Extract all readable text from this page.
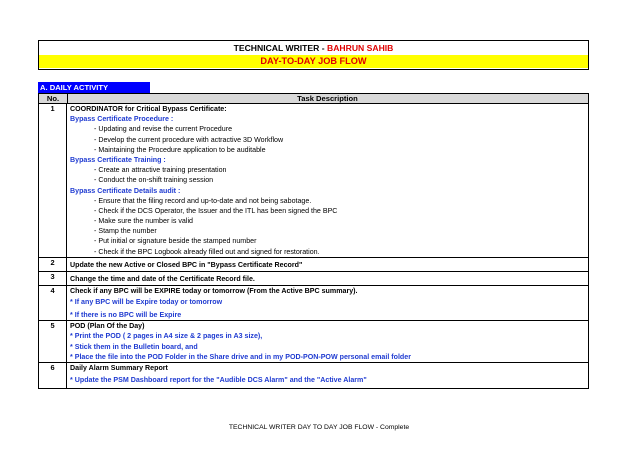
TECHNICAL WRITER - BAHRUN SAHIB
DAY-TO-DAY JOB FLOW
A. DAILY ACTIVITY
No.	Task Description
1	COORDINATOR for Critical Bypass Certificate:
Bypass Certificate Procedure :
- Updating and revise the current Procedure
- Develop the current procedure with actractive 3D Workflow
- Maintaining the Procedure application to be auditable
Bypass Certificate Training :
- Create an attractive training presentation
- Conduct the on-shift training session
Bypass Certificate Details audit :
- Ensure that the filing record and up-to-date and not being sabotage.
- Check if the DCS Operator, the Issuer and the ITL has been signed the BPC
- Make sure the number is valid
- Stamp the number
- Put initial or signature beside the stamped number
- Check if the BPC Logbook already filled out and signed for restoration.
2	Update the new Active or Closed BPC in "Bypass Certificate Record"
3	Change the time and date of the Certificate Record file.
4	Check if any BPC will be EXPIRE today or tomorrow (From the Active BPC summary).
* If any BPC will be Expire today or tomorrow
* If there is no BPC will be Expire
5	POD (Plan Of the Day)
* Print the POD ( 2 pages in A4 size & 2 pages in A3 size),
* Stick them in the Bulletin board, and
* Place the file into the POD Folder in the Share drive and in my POD-PON-POW personal email folder
6	Daily Alarm Summary Report
* Update the PSM Dashboard report for the "Audible DCS Alarm" and the "Active Alarm"
TECHNICAL WRITER DAY TO DAY JOB FLOW - Complete
